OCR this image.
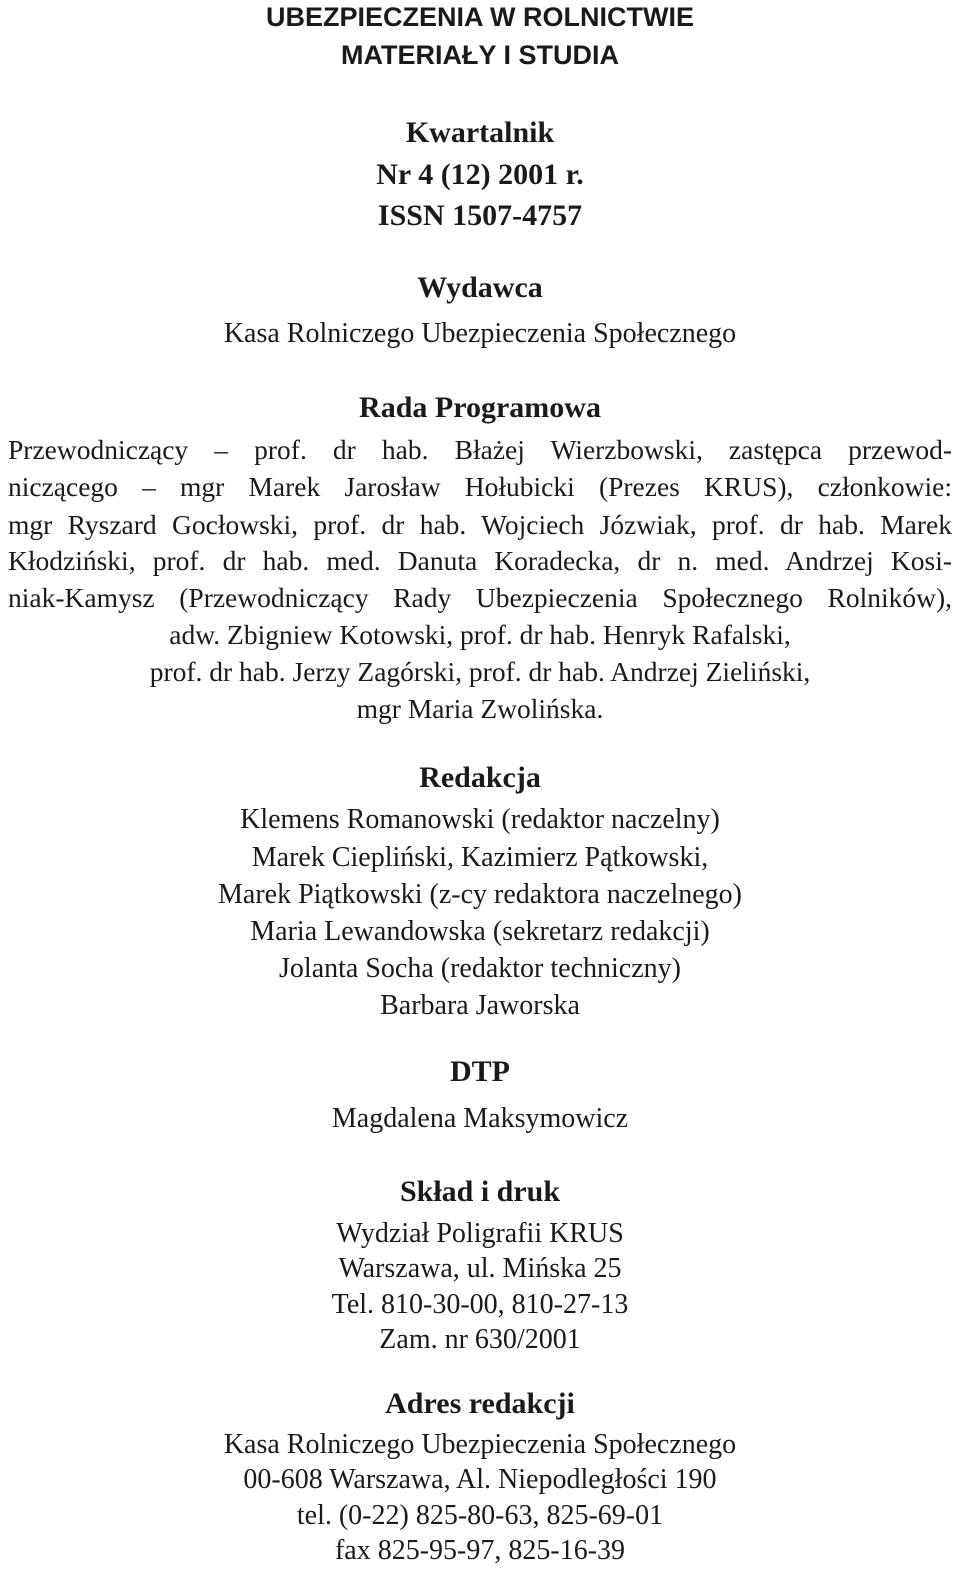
UBEZPIECZENIA W ROLNICTWIE
MATERIAŁY I STUDIA
Kwartalnik
Nr 4 (12) 2001 r.
ISSN 1507-4757
Wydawca
Kasa Rolniczego Ubezpieczenia Społecznego
Rada Programowa
Przewodniczący – prof. dr hab. Błażej Wierzbowski, zastępca przewod-
niczącego – mgr Marek Jarosław Hołubicki (Prezes KRUS), członkowie:
mgr Ryszard Gocłowski, prof. dr hab. Wojciech Józwiak, prof. dr hab. Marek
Kłodziński, prof. dr hab. med. Danuta Koradecka, dr n. med. Andrzej Kosi-
niak-Kamysz (Przewodniczący Rady Ubezpieczenia Społecznego Rolników),
adw. Zbigniew Kotowski, prof. dr hab. Henryk Rafalski,
prof. dr hab. Jerzy Zagórski, prof. dr hab. Andrzej Zieliński,
mgr Maria Zwolińska.
Redakcja
Klemens Romanowski (redaktor naczelny)
Marek Ciepliński, Kazimierz Pątkowski,
Marek Piątkowski (z-cy redaktora naczelnego)
Maria Lewandowska (sekretarz redakcji)
Jolanta Socha (redaktor techniczny)
Barbara Jaworska
DTP
Magdalena Maksymowicz
Skład i druk
Wydział Poligrafii KRUS
Warszawa, ul. Mińska 25
Tel. 810-30-00, 810-27-13
Zam. nr 630/2001
Adres redakcji
Kasa Rolniczego Ubezpieczenia Społecznego
00-608 Warszawa, Al. Niepodległości 190
tel. (0-22) 825-80-63, 825-69-01
fax 825-95-97, 825-16-39
